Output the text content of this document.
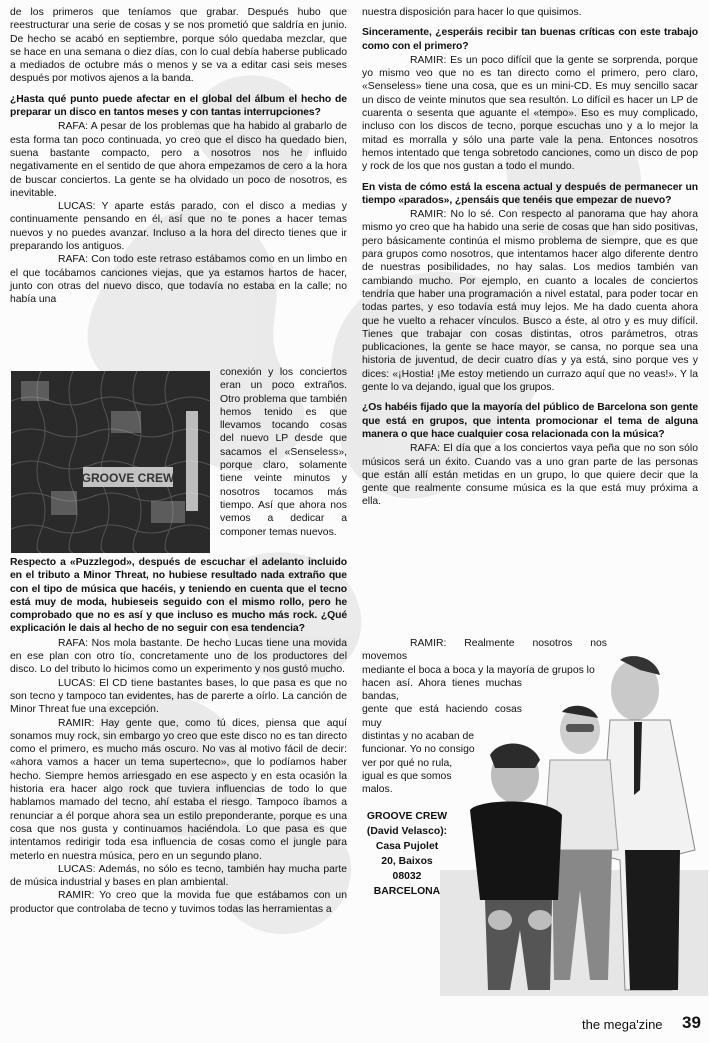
de los primeros que teníamos que grabar. Después hubo que reestructurar una serie de cosas y se nos prometió que saldría en junio. De hecho se acabó en septiembre, porque sólo quedaba mezclar, que se hace en una semana o diez días, con lo cual debía haberse publicado a mediados de octubre más o menos y se va a editar casi seis meses después por motivos ajenos a la banda.

¿Hasta qué punto puede afectar en el global del álbum el hecho de preparar un disco en tantos meses y con tantas interrupciones?

RAFA: A pesar de los problemas que ha habido al grabarlo de esta forma tan poco continuada, yo creo que el disco ha quedado bien, suena bastante compacto, pero a nosotros nos he influido negativamente en el sentido de que ahora empezamos de cero a la hora de buscar conciertos. La gente se ha olvidado un poco de nosotros, es inevitable.

LUCAS: Y aparte estás parado, con el disco a medias y continuamente pensando en él, así que no te pones a hacer temas nuevos y no puedes avanzar. Incluso a la hora del directo tienes que ir preparando los antiguos.

RAFA: Con todo este retraso estábamos como en un limbo en el que tocábamos canciones viejas, que ya estamos hartos de hacer, junto con otras del nuevo disco, que todavía no estaba en la calle; no había una

GROOVE CREW

conexión y los conciertos eran un poco extraños. Otro problema que también hemos tenido es que llevamos tocando cosas del nuevo LP desde que sacamos el «Senseless», porque claro, solamente tiene veinte minutos y nosotros tocamos más tiempo. Así que ahora nos vemos a dedicar a componer temas nuevos.

Respecto a «Puzzlegod», después de escuchar el adelanto incluido en el tributo a Minor Threat, no hubiese resultado nada extraño que con el tipo de música que hacéis, y teniendo en cuenta que el tecno está muy de moda, hubieseis seguido con el mismo rollo, pero he comprobado que no es así y que incluso es mucho más rock. ¿Qué explicación le dais al hecho de no seguir con esa tendencia?

RAFA: Nos mola bastante. De hecho Lucas tiene una movida en ese plan con otro tío, concretamente uno de los productores del disco. Lo del tributo lo hicimos como un experimento y nos gustó mucho.

LUCAS: El CD tiene bastantes bases, lo que pasa es que no son tecno y tampoco tan evidentes, has de parerte a oírlo. La canción de Minor Threat fue una excepción.

RAMIR: Hay gente que, como tú dices, piensa que aquí sonamos muy rock, sin embargo yo creo que este disco no es tan directo como el primero, es mucho más oscuro. No vas al motivo fácil de decir: «ahora vamos a hacer un tema supertecno», que lo podíamos haber hecho. Siempre hemos arriesgado en ese aspecto y en esta ocasión la historia era hacer algo rock que tuviera influencias de todo lo que hablamos mamado del tecno, ahí estaba el riesgo. Tampoco íbamos a renunciar a él porque ahora sea un estilo preponderante, porque es una cosa que nos gusta y continuamos haciéndola. Lo que pasa es que intentamos redirigir toda esa influencia de cosas como el jungle para meterlo en nuestra música, pero en un segundo plano.

LUCAS: Además, no sólo es tecno, también hay mucha parte de música industrial y bases en plan ambiental.

RAMIR: Yo creo que la movida fue que estábamos con un productor que controlaba de tecno y tuvimos todas las herramientas a

nuestra disposición para hacer lo que quisimos.

Sinceramente, ¿esperáis recibir tan buenas críticas con este trabajo como con el primero?

RAMIR: Es un poco difícil que la gente se sorprenda, porque yo mismo veo que no es tan directo como el primero, pero claro, «Senseless» tiene una cosa, que es un mini-CD. Es muy sencillo sacar un disco de veinte minutos que sea resultón. Lo difícil es hacer un LP de cuarenta o sesenta que aguante el «tempo». Eso es muy complicado, incluso con los discos de tecno, porque escuchas uno y a lo mejor la mitad es morralla y sólo una parte vale la pena. Entonces nosotros hemos intentado que tenga sobretodo canciones, como un disco de pop y rock de los que nos gustan a todo el mundo.

En vista de cómo está la escena actual y después de permanecer un tiempo «parados», ¿pensáis que tenéis que empezar de nuevo?

RAMIR: No lo sé. Con respecto al panorama que hay ahora mismo yo creo que ha habido una serie de cosas que han sido positivas, pero básicamente continúa el mismo problema de siempre, que es que para grupos como nosotros, que intentamos hacer algo diferente dentro de nuestras posibilidades, no hay salas. Los medios también van cambiando mucho. Por ejemplo, en cuanto a locales de conciertos tendría que haber una programación a nivel estatal, para poder tocar en todas partes, y eso todavía está muy lejos. Me ha dado cuenta ahora que he vuelto a rehacer vínculos. Busco a éste, al otro y es muy difícil. Tienes que trabajar con cosas distintas, otros parámetros, otras publicaciones, la gente se hace mayor, se cansa, no porque sea una historia de juventud, de decir cuatro días y ya está, sino porque ves y dices: «¡Hostia! ¡Me estoy metiendo un currazo aquí que no veas!». Y la gente lo va dejando, igual que los grupos.

¿Os habéis fijado que la mayoría del público de Barcelona son gente que está en grupos, que intenta promocionar el tema de alguna manera o que hace cualquier cosa relacionada con la música?

RAFA: El día que a los conciertos vaya peña que no son sólo músicos será un éxito. Cuando vas a uno gran parte de las personas que están allí están metidas en un grupo, lo que quiere decir que la gente que realmente consume música es la que está muy próxima a ella.

RAMIR: Realmente nosotros nos movemos

mediante el boca a boca y la mayoría de grupos lo

hacen así. Ahora tienes muchas bandas,

gente que está haciendo cosas muy

distintas y no acaban de

funcionar. Yo no consigo

ver por qué no rula,

igual es que somos

malos.

GROOVE CREW
(David Velasco):
Casa Pujolet
20, Baixos
08032
BARCELONA
the mega'zine 39
